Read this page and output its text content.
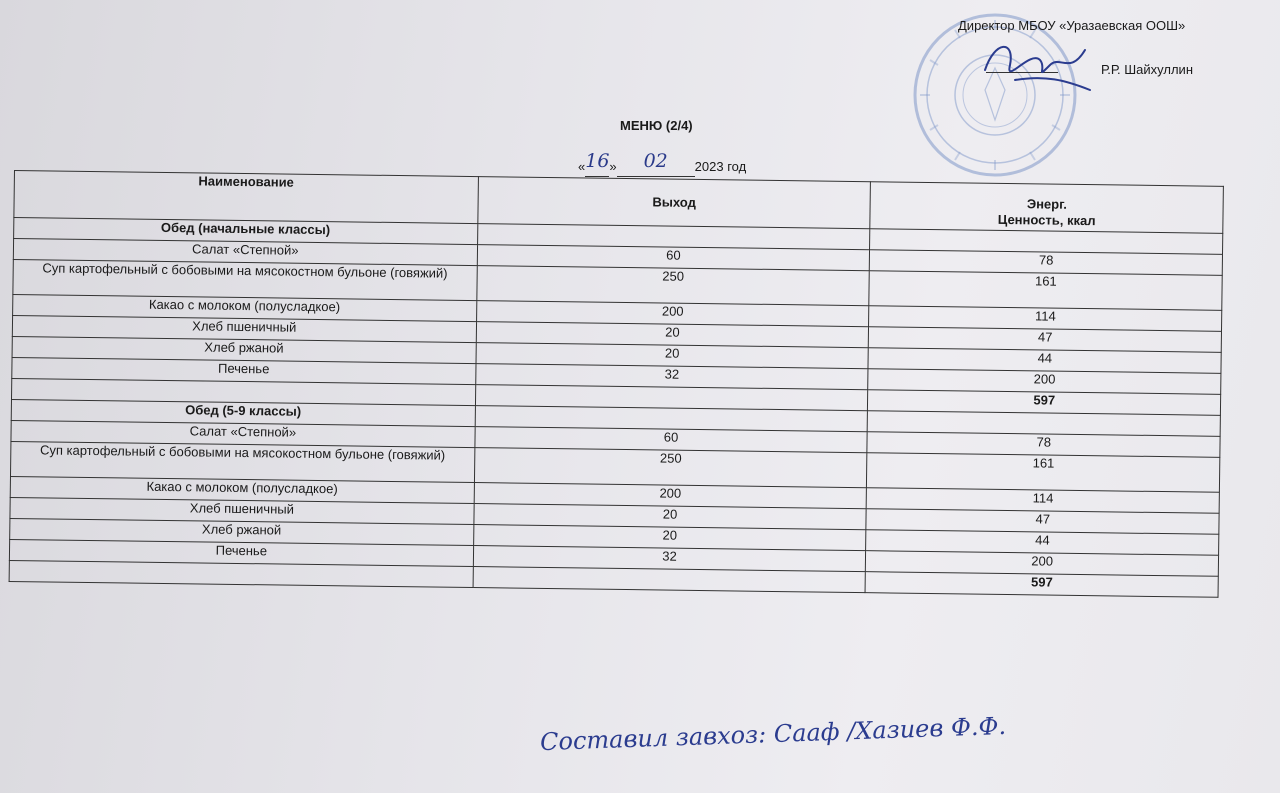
Директор МБОУ «Уразаевская ООШ»
Р.Р. Шайхуллин
МЕНЮ (2/4)
«16» 02 2023 год
Наименование	Выход	Энерг.
Ценность, ккал
Обед (начальные классы)		
Салат «Степной»	60	78
Суп картофельный с бобовыми на мясокостном бульоне (говяжий)	250	161
Какао с молоком (полусладкое)	200	114
Хлеб пшеничный	20	47
Хлеб ржаной	20	44
Печенье	32	200
		597
Обед (5-9 классы)		
Салат «Степной»	60	78
Суп картофельный с бобовыми на мясокостном бульоне (говяжий)	250	161
Какао с молоком (полусладкое)	200	114
Хлеб пшеничный	20	47
Хлеб ржаной	20	44
Печенье	32	200
		597
Составил завхоз: Сааф /Хазиев Ф.Ф.
